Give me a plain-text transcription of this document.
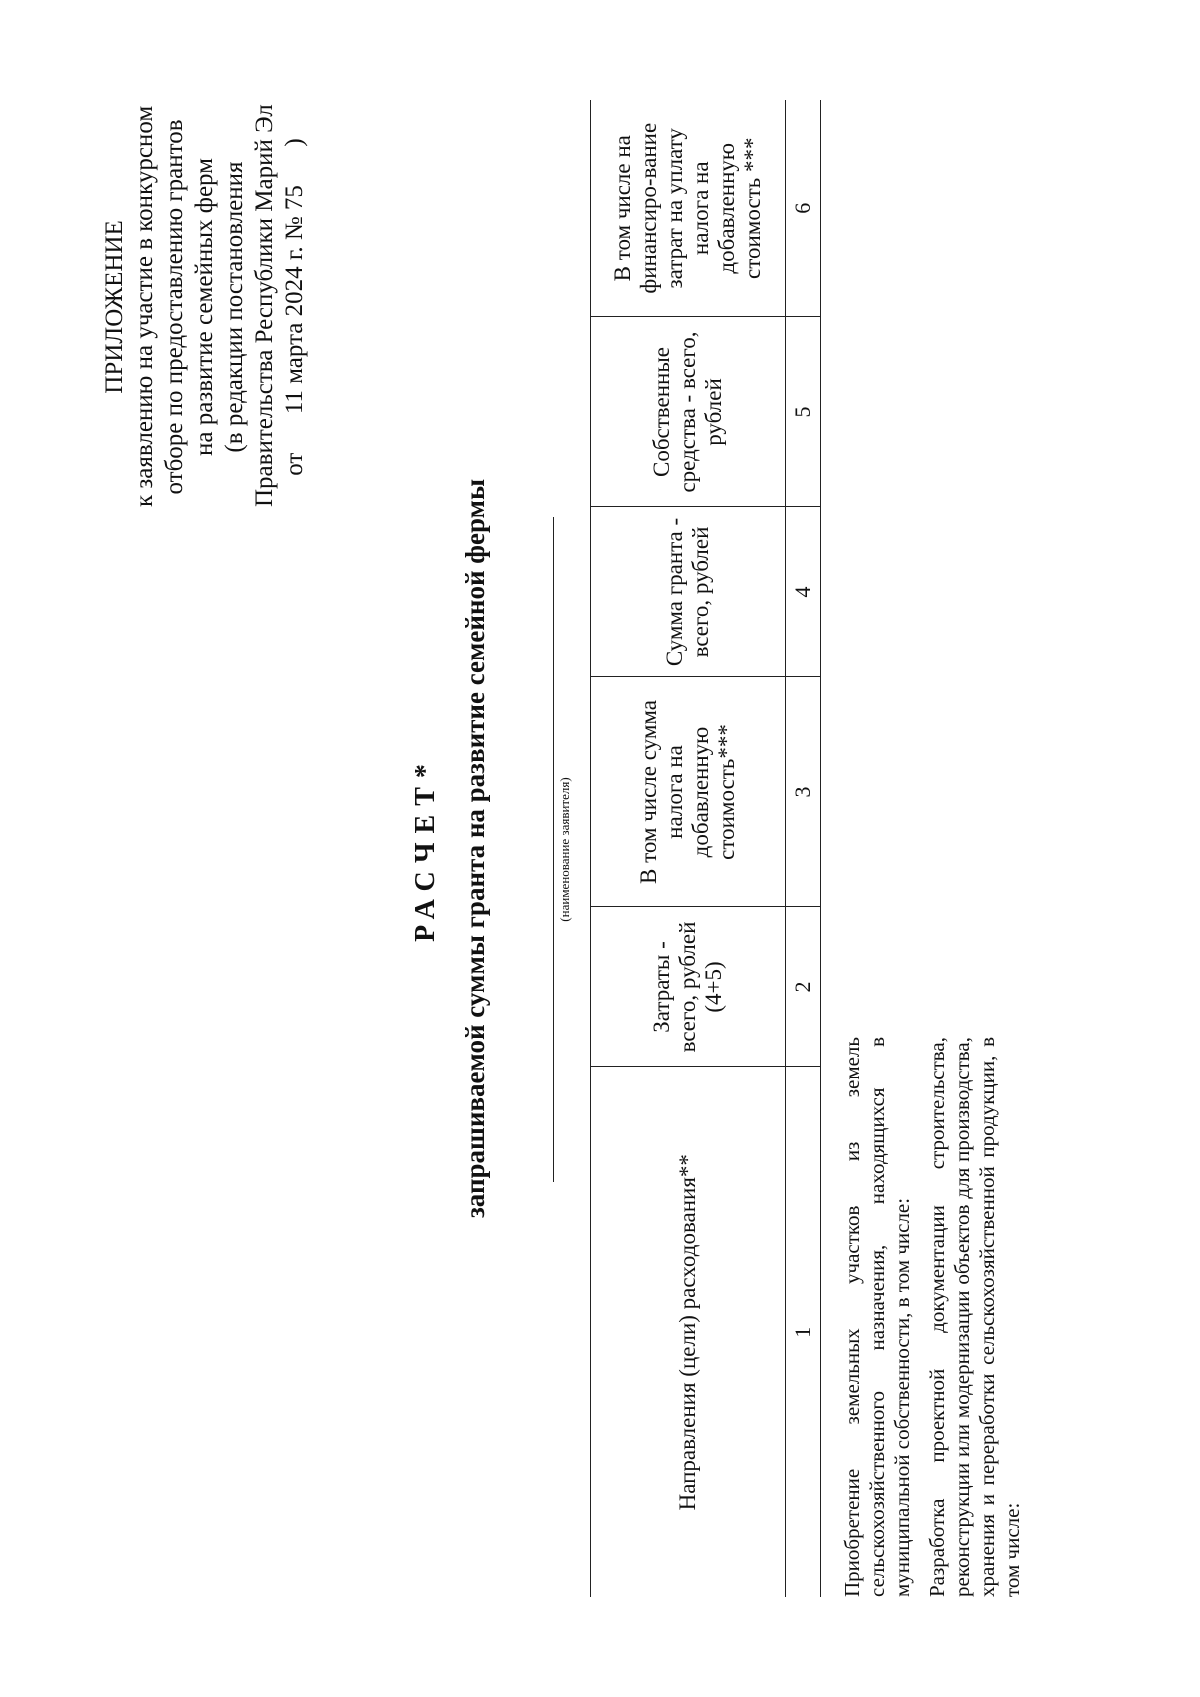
ПРИЛОЖЕНИЕ к заявлению на участие в конкурсном отборе по предоставлению грантов на развитие семейных ферм (в редакции постановления Правительства Республики Марий Эл от  11 марта 2024 г. № 75  )
РАСЧЕТ* запрашиваемой суммы гранта на развитие семейной фермы	(наименование заявителя)
Направления (цели) расходования**	Затраты - всего, рублей (4+5)	В том числе сумма налога на добавленную стоимость***	Сумма гранта - всего, рублей	Собственные средства - всего, рублей	В том числе на финансиро-вание затрат на уплату налога на добавленную стоимость ***
1	2	3	4	5	6
Приобретение земельных участков из земель сельскохозяйственного назначения, находящихся в муниципальной собственности, в том числе: Разработка проектной документации строительства, реконструкции или модернизации объектов для производства, хранения и переработки сельскохозяйственной продукции, в том числе:
